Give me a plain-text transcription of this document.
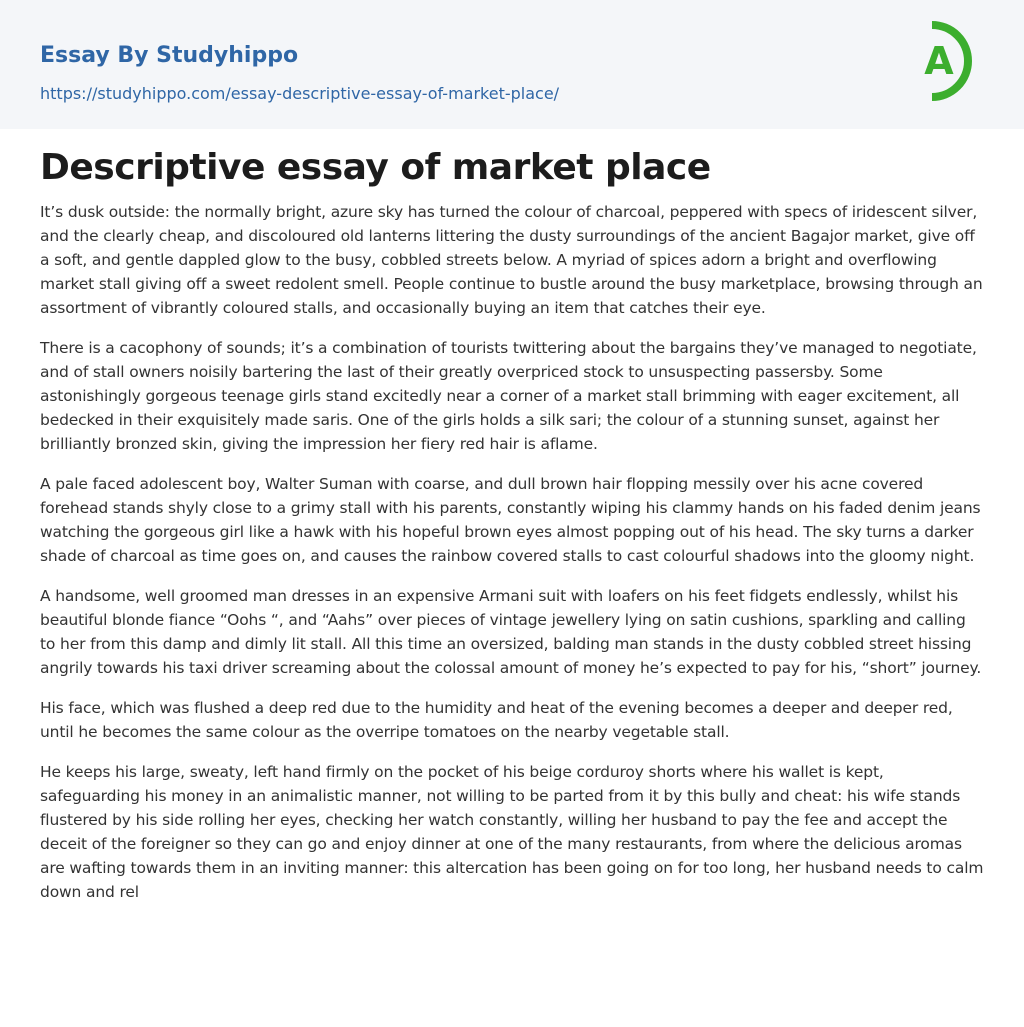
Essay By Studyhippo
https://studyhippo.com/essay-descriptive-essay-of-market-place/
A
Descriptive essay of market place

It’s dusk outside: the normally bright, azure sky has turned the colour of charcoal, peppered with specs of iridescent silver, and the clearly cheap, and discoloured old lanterns littering the dusty surroundings of the ancient Bagajor market, give off a soft, and gentle dappled glow to the busy, cobbled streets below. A myriad of spices adorn a bright and overflowing market stall giving off a sweet redolent smell. People continue to bustle around the busy marketplace, browsing through an assortment of vibrantly coloured stalls, and occasionally buying an item that catches their eye.

There is a cacophony of sounds; it’s a combination of tourists twittering about the bargains they’ve managed to negotiate, and of stall owners noisily bartering the last of their greatly overpriced stock to unsuspecting passersby. Some astonishingly gorgeous teenage girls stand excitedly near a corner of a market stall brimming with eager excitement, all bedecked in their exquisitely made saris. One of the girls holds a silk sari; the colour of a stunning sunset, against her brilliantly bronzed skin, giving the impression her fiery red hair is aflame.

A pale faced adolescent boy, Walter Suman with coarse, and dull brown hair flopping messily over his acne covered forehead stands shyly close to a grimy stall with his parents, constantly wiping his clammy hands on his faded denim jeans watching the gorgeous girl like a hawk with his hopeful brown eyes almost popping out of his head. The sky turns a darker shade of charcoal as time goes on, and causes the rainbow covered stalls to cast colourful shadows into the gloomy night.

A handsome, well groomed man dresses in an expensive Armani suit with loafers on his feet fidgets endlessly, whilst his beautiful blonde fiance “Oohs “, and “Aahs” over pieces of vintage jewellery lying on satin cushions, sparkling and calling to her from this damp and dimly lit stall. All this time an oversized, balding man stands in the dusty cobbled street hissing angrily towards his taxi driver screaming about the colossal amount of money he’s expected to pay for his, “short” journey.

His face, which was flushed a deep red due to the humidity and heat of the evening becomes a deeper and deeper red, until he becomes the same colour as the overripe tomatoes on the nearby vegetable stall.

He keeps his large, sweaty, left hand firmly on the pocket of his beige corduroy shorts where his wallet is kept, safeguarding his money in an animalistic manner, not willing to be parted from it by this bully and cheat: his wife stands flustered by his side rolling her eyes, checking her watch constantly, willing her husband to pay the fee and accept the deceit of the foreigner so they can go and enjoy dinner at one of the many restaurants, from where the delicious aromas are wafting towards them in an inviting manner: this altercation has been going on for too long, her husband needs to calm down and rel
